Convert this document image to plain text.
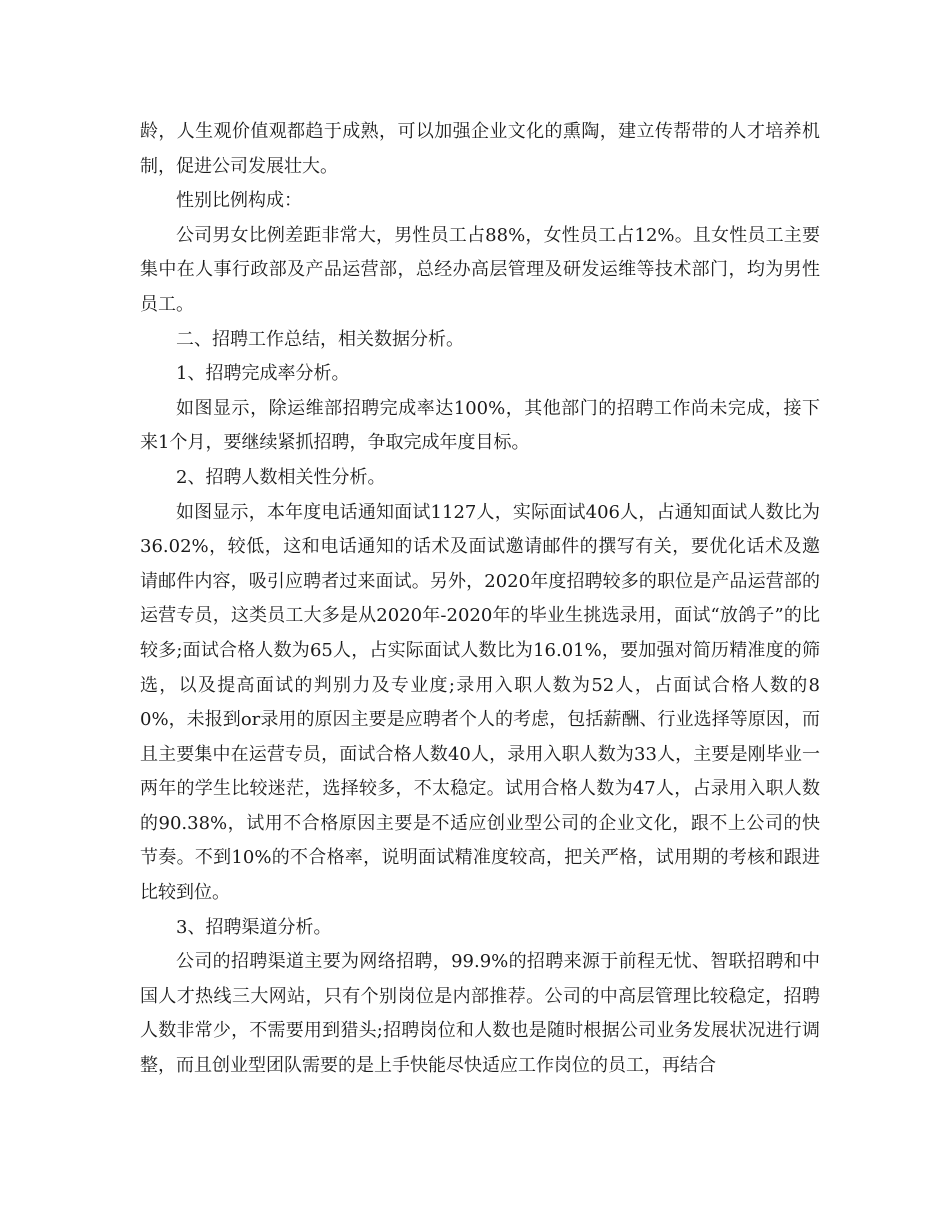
龄，人生观价值观都趋于成熟，可以加强企业文化的熏陶，建立传帮带的人才培养机制，促进公司发展壮大。

性别比例构成：

公司男女比例差距非常大，男性员工占88%，女性员工占12%。且女性员工主要集中在人事行政部及产品运营部，总经办高层管理及研发运维等技术部门，均为男性员工。

二、招聘工作总结，相关数据分析。

1、招聘完成率分析。

如图显示，除运维部招聘完成率达100%，其他部门的招聘工作尚未完成，接下来1个月，要继续紧抓招聘，争取完成年度目标。

2、招聘人数相关性分析。

如图显示，本年度电话通知面试1127人，实际面试406人，占通知面试人数比为36.02%，较低，这和电话通知的话术及面试邀请邮件的撰写有关，要优化话术及邀请邮件内容，吸引应聘者过来面试。另外，2020年度招聘较多的职位是产品运营部的运营专员，这类员工大多是从2020年-2020年的毕业生挑选录用，面试“放鸽子”的比较多;面试合格人数为65人，占实际面试人数比为16.01%，要加强对简历精准度的筛选，以及提高面试的判别力及专业度;录用入职人数为52人，占面试合格人数的80%，未报到or录用的原因主要是应聘者个人的考虑，包括薪酬、行业选择等原因，而且主要集中在运营专员，面试合格人数40人，录用入职人数为33人，主要是刚毕业一两年的学生比较迷茫，选择较多，不太稳定。试用合格人数为47人，占录用入职人数的90.38%，试用不合格原因主要是不适应创业型公司的企业文化，跟不上公司的快节奏。不到10%的不合格率，说明面试精准度较高，把关严格，试用期的考核和跟进比较到位。

3、招聘渠道分析。

公司的招聘渠道主要为网络招聘，99.9%的招聘来源于前程无忧、智联招聘和中国人才热线三大网站，只有个别岗位是内部推荐。公司的中高层管理比较稳定，招聘人数非常少，不需要用到猎头;招聘岗位和人数也是随时根据公司业务发展状况进行调整，而且创业型团队需要的是上手快能尽快适应工作岗位的员工，再结合
